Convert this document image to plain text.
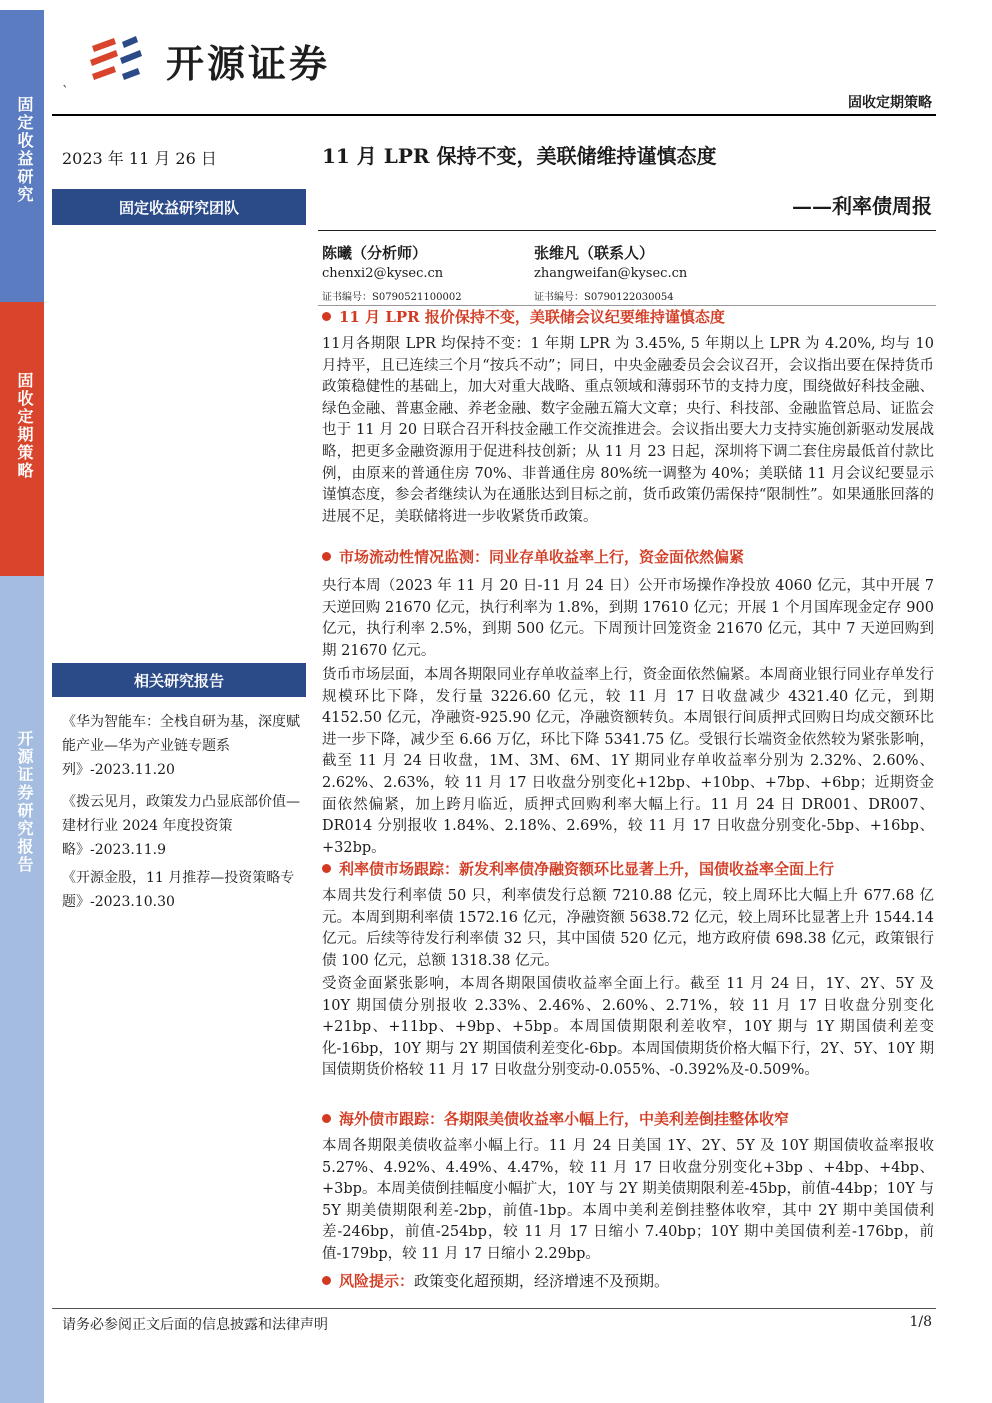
固定收益研究
固收定期策略
开源证券研究报告
开源证券
`
固收定期策略
2023 年 11 月 26 日
固定收益研究团队
11 月 LPR 保持不变，美联储维持谨慎态度
——利率债周报
陈曦（分析师）
chenxi2@kysec.cn
证书编号：S0790521100002
张维凡（联系人）
zhangweifan@kysec.cn
证书编号：S0790122030054
11 月 LPR 报价保持不变，美联储会议纪要维持谨慎态度
11月各期限 LPR 均保持不变：1 年期 LPR 为 3.45%, 5 年期以上 LPR 为 4.20%, 均与 10 月持平，且已连续三个月“按兵不动”；同日，中央金融委员会会议召开，会议指出要在保持货币政策稳健性的基础上，加大对重大战略、重点领域和薄弱环节的支持力度，围绕做好科技金融、绿色金融、普惠金融、养老金融、数字金融五篇大文章；央行、科技部、金融监管总局、证监会也于 11 月 20 日联合召开科技金融工作交流推进会。会议指出要大力支持实施创新驱动发展战略，把更多金融资源用于促进科技创新；从 11 月 23 日起，深圳将下调二套住房最低首付款比例，由原来的普通住房 70%、非普通住房 80%统一调整为 40%；美联储 11 月会议纪要显示谨慎态度，参会者继续认为在通胀达到目标之前，货币政策仍需保持“限制性”。如果通胀回落的进展不足，美联储将进一步收紧货币政策。
市场流动性情况监测：同业存单收益率上行，资金面依然偏紧
央行本周（2023 年 11 月 20 日-11 月 24 日）公开市场操作净投放 4060 亿元，其中开展 7 天逆回购 21670 亿元，执行利率为 1.8%，到期 17610 亿元；开展 1 个月国库现金定存 900 亿元，执行利率 2.5%，到期 500 亿元。下周预计回笼资金 21670 亿元，其中 7 天逆回购到期 21670 亿元。
货币市场层面，本周各期限同业存单收益率上行，资金面依然偏紧。本周商业银行同业存单发行规模环比下降，发行量 3226.60 亿元，较 11 月 17 日收盘减少 4321.40 亿元，到期 4152.50 亿元，净融资-925.90 亿元，净融资额转负。本周银行间质押式回购日均成交额环比进一步下降，减少至 6.66 万亿，环比下降 5341.75 亿。受银行长端资金依然较为紧张影响，截至 11 月 24 日收盘，1M、3M、6M、1Y 期同业存单收益率分别为 2.32%、2.60%、2.62%、2.63%，较 11 月 17 日收盘分别变化+12bp、+10bp、+7bp、+6bp；近期资金面依然偏紧，加上跨月临近，质押式回购利率大幅上行。11 月 24 日 DR001、DR007、DR014 分别报收 1.84%、2.18%、2.69%，较 11 月 17 日收盘分别变化-5bp、+16bp、+32bp。
利率债市场跟踪：新发利率债净融资额环比显著上升，国债收益率全面上行
本周共发行利率债 50 只，利率债发行总额 7210.88 亿元，较上周环比大幅上升 677.68 亿元。本周到期利率债 1572.16 亿元，净融资额 5638.72 亿元，较上周环比显著上升 1544.14 亿元。后续等待发行利率债 32 只，其中国债 520 亿元，地方政府债 698.38 亿元，政策银行债 100 亿元，总额 1318.38 亿元。
受资金面紧张影响，本周各期限国债收益率全面上行。截至 11 月 24 日，1Y、2Y、5Y 及 10Y 期国债分别报收 2.33%、2.46%、2.60%、2.71%，较 11 月 17 日收盘分别变化+21bp、+11bp、+9bp、+5bp。本周国债期限利差收窄，10Y 期与 1Y 期国债利差变化-16bp，10Y 期与 2Y 期国债利差变化-6bp。本周国债期货价格大幅下行，2Y、5Y、10Y 期国债期货价格较 11 月 17 日收盘分别变动-0.055%、-0.392%及-0.509%。
海外债市跟踪：各期限美债收益率小幅上行，中美利差倒挂整体收窄
本周各期限美债收益率小幅上行。11 月 24 日美国 1Y、2Y、5Y 及 10Y 期国债收益率报收 5.27%、4.92%、4.49%、4.47%，较 11 月 17 日收盘分别变化+3bp 、+4bp、+4bp、+3bp。本周美债倒挂幅度小幅扩大，10Y 与 2Y 期美债期限利差-45bp，前值-44bp；10Y 与 5Y 期美债期限利差-2bp，前值-1bp。本周中美利差倒挂整体收窄，其中 2Y 期中美国债利差-246bp，前值-254bp，较 11 月 17 日缩小 7.40bp；10Y 期中美国债利差-176bp，前值-179bp，较 11 月 17 日缩小 2.29bp。
风险提示： 政策变化超预期，经济增速不及预期。
相关研究报告
《华为智能车：全栈自研为基，深度赋能产业—华为产业链专题系列》-2023.11.20
《拨云见月，政策发力凸显底部价值—建材行业 2024 年度投资策略》-2023.11.9
《开源金股，11 月推荐—投资策略专题》-2023.10.30
请务必参阅正文后面的信息披露和法律声明	1/8
